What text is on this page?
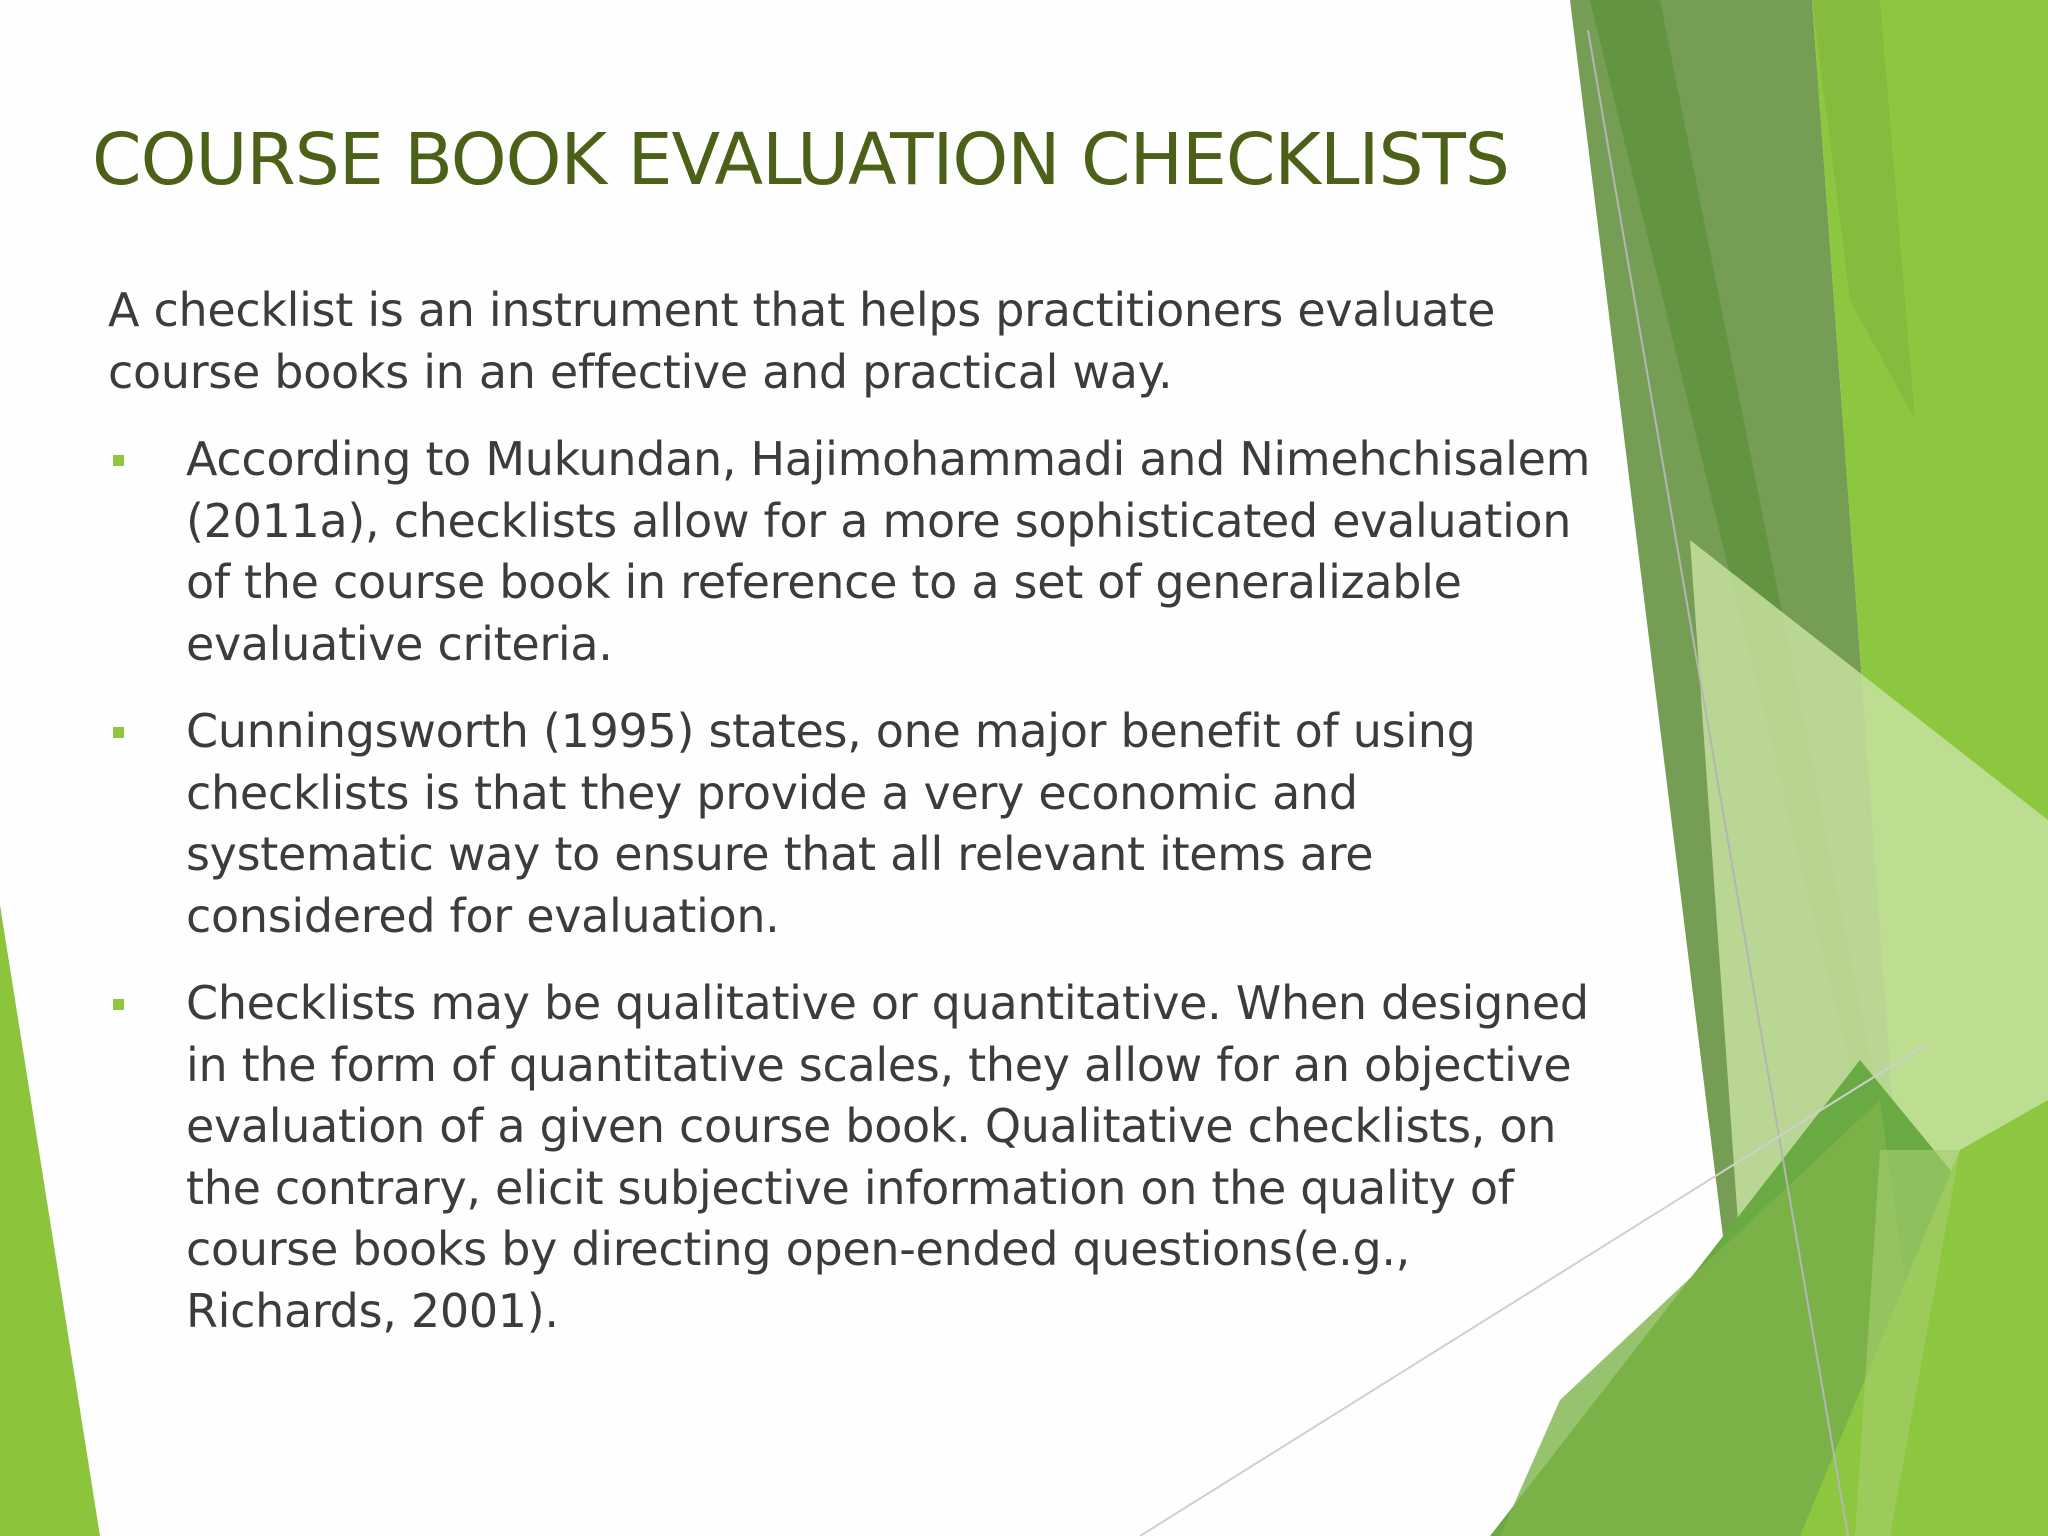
COURSE BOOK EVALUATION CHECKLISTS

A checklist is an instrument that helps practitioners evaluate
course books in an effective and practical way.

According to Mukundan, Hajimohammadi and Nimehchisalem
(2011a), checklists allow for a more sophisticated evaluation
of the course book in reference to a set of generalizable
evaluative criteria.
Cunningsworth (1995) states, one major benefit of using
checklists is that they provide a very economic and
systematic way to ensure that all relevant items are
considered for evaluation.
Checklists may be qualitative or quantitative. When designed
in the form of quantitative scales, they allow for an objective
evaluation of a given course book. Qualitative checklists, on
the contrary, elicit subjective information on the quality of
course books by directing open-ended questions(e.g.,
Richards, 2001).
